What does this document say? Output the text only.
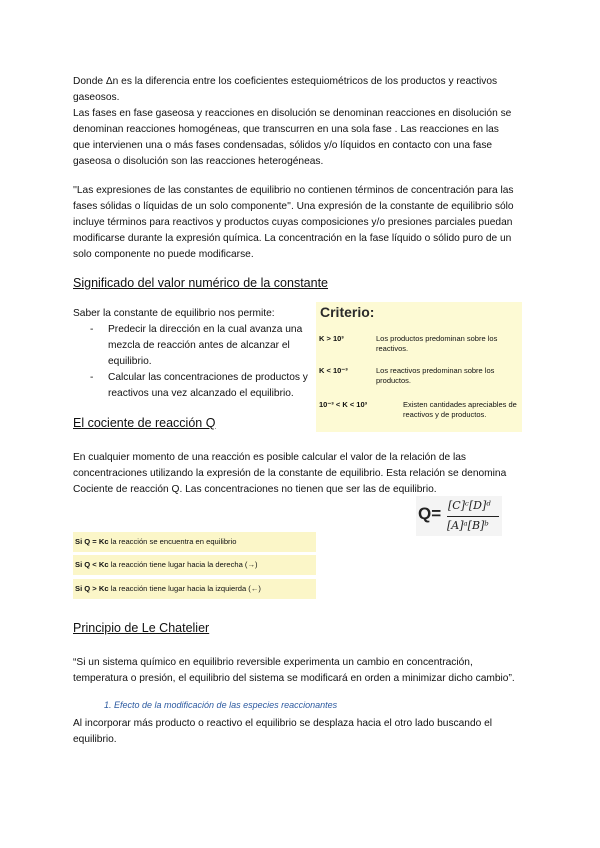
Donde Δn es la diferencia entre los coeficientes estequiométricos de los productos y reactivos gaseosos.

Las fases en fase gaseosa y reacciones en disolución se denominan reacciones en disolución se denominan reacciones homogéneas, que transcurren en una sola fase . Las reacciones en las que intervienen una o más fases condensadas, sólidos y/o líquidos en contacto con una fase gaseosa o disolución son las reacciones heterogéneas.

''Las expresiones de las constantes de equilibrio no contienen términos de concentración para las fases sólidas o líquidas de un solo componente''. Una expresión de la constante de equilibrio sólo incluye términos para reactivos y productos cuyas composiciones y/o presiones parciales puedan modificarse durante la expresión química. La concentración en la fase líquido o sólido puro de un solo componente no puede modificarse.

Significado del valor numérico de la constante

Saber la constante de equilibrio nos permite:

- Predecir la dirección en la cual avanza una mezcla de reacción antes de alcanzar el equilibrio.
- Calcular las concentraciones de productos y reactivos una vez alcanzado el equilibrio.
Criterio:
K > 10³	Los productos predominan sobre los reactivos.
K < 10⁻³	Los reactivos predominan sobre los productos.
10⁻³ < K < 10³	Existen cantidades apreciables de reactivos y de productos.
El cociente de reacción Q

En cualquier momento de una reacción es posible calcular el valor de la relación de las concentraciones utilizando la expresión de la constante de equilibrio. Esta relación se denomina Cociente de reacción Q. Las concentraciones no tienen que ser las de equilibrio.

Q= [C]ᶜ[D]ᵈ
[A]ᵃ[B]ᵇ
Si Q = Kc la reacción se encuentra en equilibrio
Si Q < Kc la reacción tiene lugar hacia la derecha (→)
Si Q > Kc la reacción tiene lugar hacia la izquierda (←)
Principio de Le Chatelier

“Si un sistema químico en equilibrio reversible experimenta un cambio en concentración, temperatura o presión, el equilibrio del sistema se modificará en orden a minimizar dicho cambio”.

1. Efecto de la modificación de las especies reaccionantes

Al incorporar más producto o reactivo el equilibrio se desplaza hacia el otro lado buscando el equilibrio.
